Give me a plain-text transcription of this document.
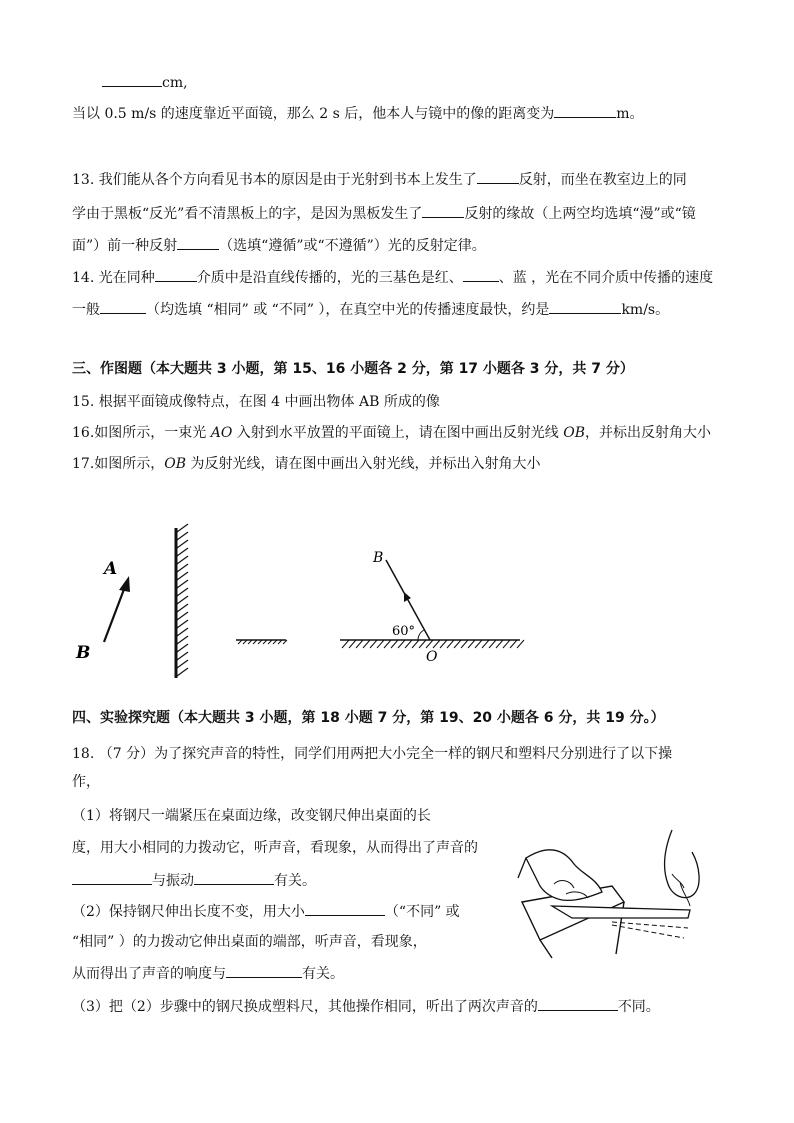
cm,
当以 0.5 m/s 的速度靠近平面镜，那么 2 s 后，他本人与镜中的像的距离变为	m。
13. 我们能从各个方向看见书本的原因是由于光射到书本上发生了	反射，而坐在教室边上的同
学由于黑板“反光”看不清黑板上的字，是因为黑板发生了	反射的缘故（上两空均选填“漫”或“镜
面”）前一种反射	（选填“遵循”或“不遵循”）光的反射定律。
14. 光在同种	介质中是沿直线传播的，光的三基色是红、	、蓝 ，光在不同介质中传播的速度
一般	（均选填 “相同” 或 “不同” ），在真空中光的传播速度最快，约是	km/s。
三、作图题（本大题共 3 小题，第 15、16 小题各 2 分，第 17 小题各 3 分，共 7 分）
15. 根据平面镜成像特点，在图 4 中画出物体 AB 所成的像
16.如图所示，一束光 AO 入射到水平放置的平面镜上，请在图中画出反射光线 OB，并标出反射角大小
17.如图所示，OB 为反射光线，请在图中画出入射光线，并标出入射角大小
A
B
B
60°
O
四、实验探究题（本大题共 3 小题，第 18 小题 7 分，第 19、20 小题各 6 分，共 19 分。）
18. （7 分）为了探究声音的特性，同学们用两把大小完全一样的钢尺和塑料尺分别进行了以下操
作，
（1）将钢尺一端紧压在桌面边缘，改变钢尺伸出桌面的长
度，用大小相同的力拨动它，听声音，看现象，从而得出了声音的
与振动	有关。
（2）保持钢尺伸出长度不变，用大小	（“不同” 或
“相同” ）的力拨动它伸出桌面的端部，听声音，看现象，
从而得出了声音的响度与	有关。
（3）把（2）步骤中的钢尺换成塑料尺，其他操作相同，听出了两次声音的	不同。
